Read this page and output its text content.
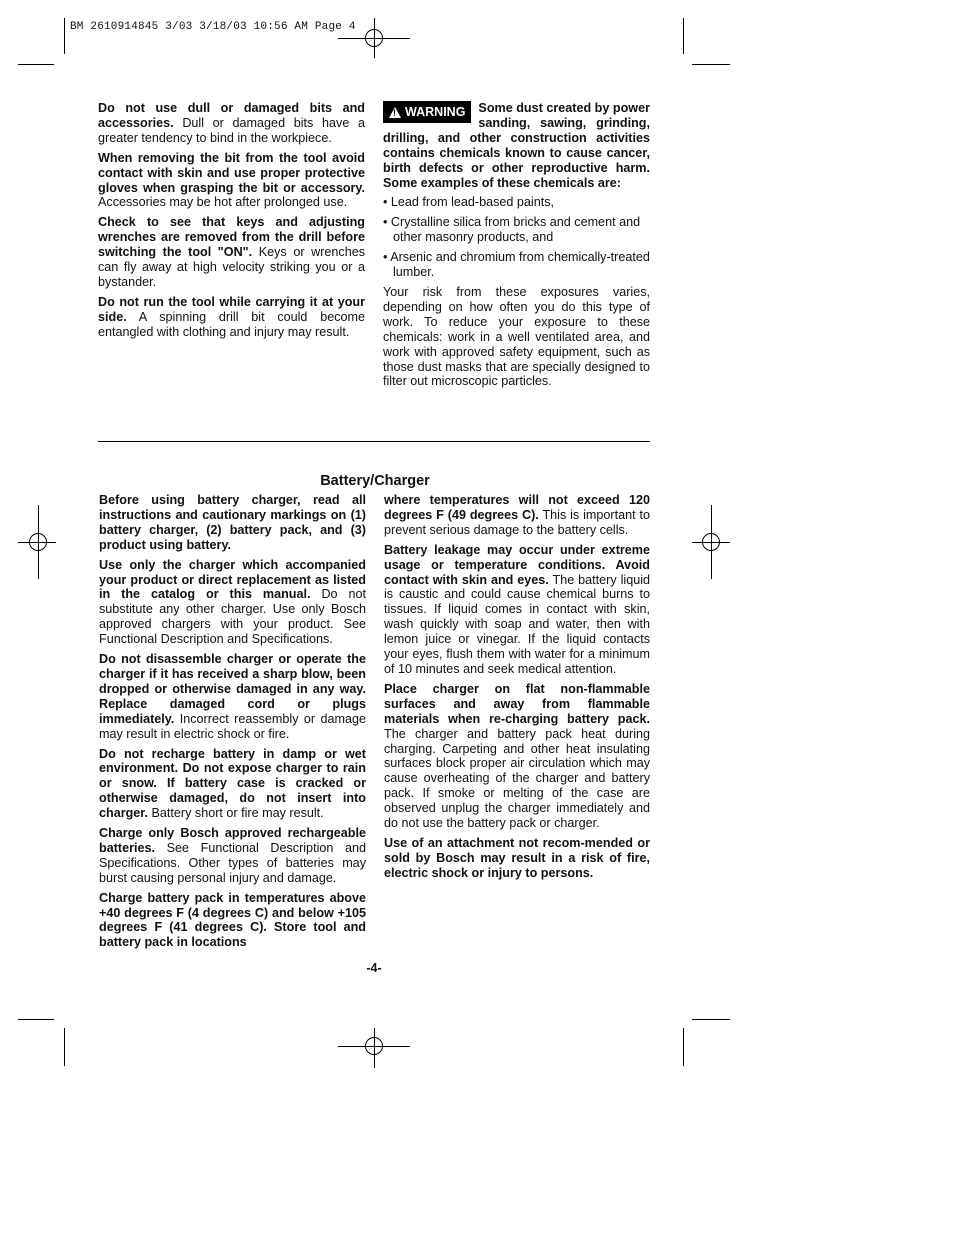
BM 2610914845 3/03 3/18/03 10:56 AM Page 4

Do not use dull or damaged bits and accessories. Dull or damaged bits have a greater tendency to bind in the workpiece.

When removing the bit from the tool avoid contact with skin and use proper protective gloves when grasping the bit or accessory. Accessories may be hot after prolonged use.

Check to see that keys and adjusting wrenches are removed from the drill before switching the tool "ON". Keys or wrenches can fly away at high velocity striking you or a bystander.

Do not run the tool while carrying it at your side. A spinning drill bit could become entangled with clothing and injury may result.

! WARNING Some dust created by power sanding, sawing, grinding, drilling, and other construction activities contains chemicals known to cause cancer, birth defects or other reproductive harm. Some examples of these chemicals are:

• Lead from lead-based paints,

• Crystalline silica from bricks and cement and other masonry products, and

• Arsenic and chromium from chemically-treated lumber.

Your risk from these exposures varies, depending on how often you do this type of work. To reduce your exposure to these chemicals: work in a well ventilated area, and work with approved safety equipment, such as those dust masks that are specially designed to filter out microscopic particles.

Battery/Charger

Before using battery charger, read all instructions and cautionary markings on (1) battery charger, (2) battery pack, and (3) product using battery.

Use only the charger which accompanied your product or direct replacement as listed in the catalog or this manual. Do not substitute any other charger. Use only Bosch approved chargers with your product. See Functional Description and Specifications.

Do not disassemble charger or operate the charger if it has received a sharp blow, been dropped or otherwise damaged in any way. Replace damaged cord or plugs immediately. Incorrect reassembly or damage may result in electric shock or fire.

Do not recharge battery in damp or wet environment. Do not expose charger to rain or snow. If battery case is cracked or otherwise damaged, do not insert into charger. Battery short or fire may result.

Charge only Bosch approved rechargeable batteries. See Functional Description and Specifications. Other types of batteries may burst causing personal injury and damage.

Charge battery pack in temperatures above +40 degrees F (4 degrees C) and below +105 degrees F (41 degrees C). Store tool and battery pack in locations

where temperatures will not exceed 120 degrees F (49 degrees C). This is important to prevent serious damage to the battery cells.

Battery leakage may occur under extreme usage or temperature conditions. Avoid contact with skin and eyes. The battery liquid is caustic and could cause chemical burns to tissues. If liquid comes in contact with skin, wash quickly with soap and water, then with lemon juice or vinegar. If the liquid contacts your eyes, flush them with water for a minimum of 10 minutes and seek medical attention.

Place charger on flat non-flammable surfaces and away from flammable materials when re-charging battery pack. The charger and battery pack heat during charging. Carpeting and other heat insulating surfaces block proper air circulation which may cause overheating of the charger and battery pack. If smoke or melting of the case are observed unplug the charger immediately and do not use the battery pack or charger.

Use of an attachment not recom-mended or sold by Bosch may result in a risk of fire, electric shock or injury to persons.

-4-
